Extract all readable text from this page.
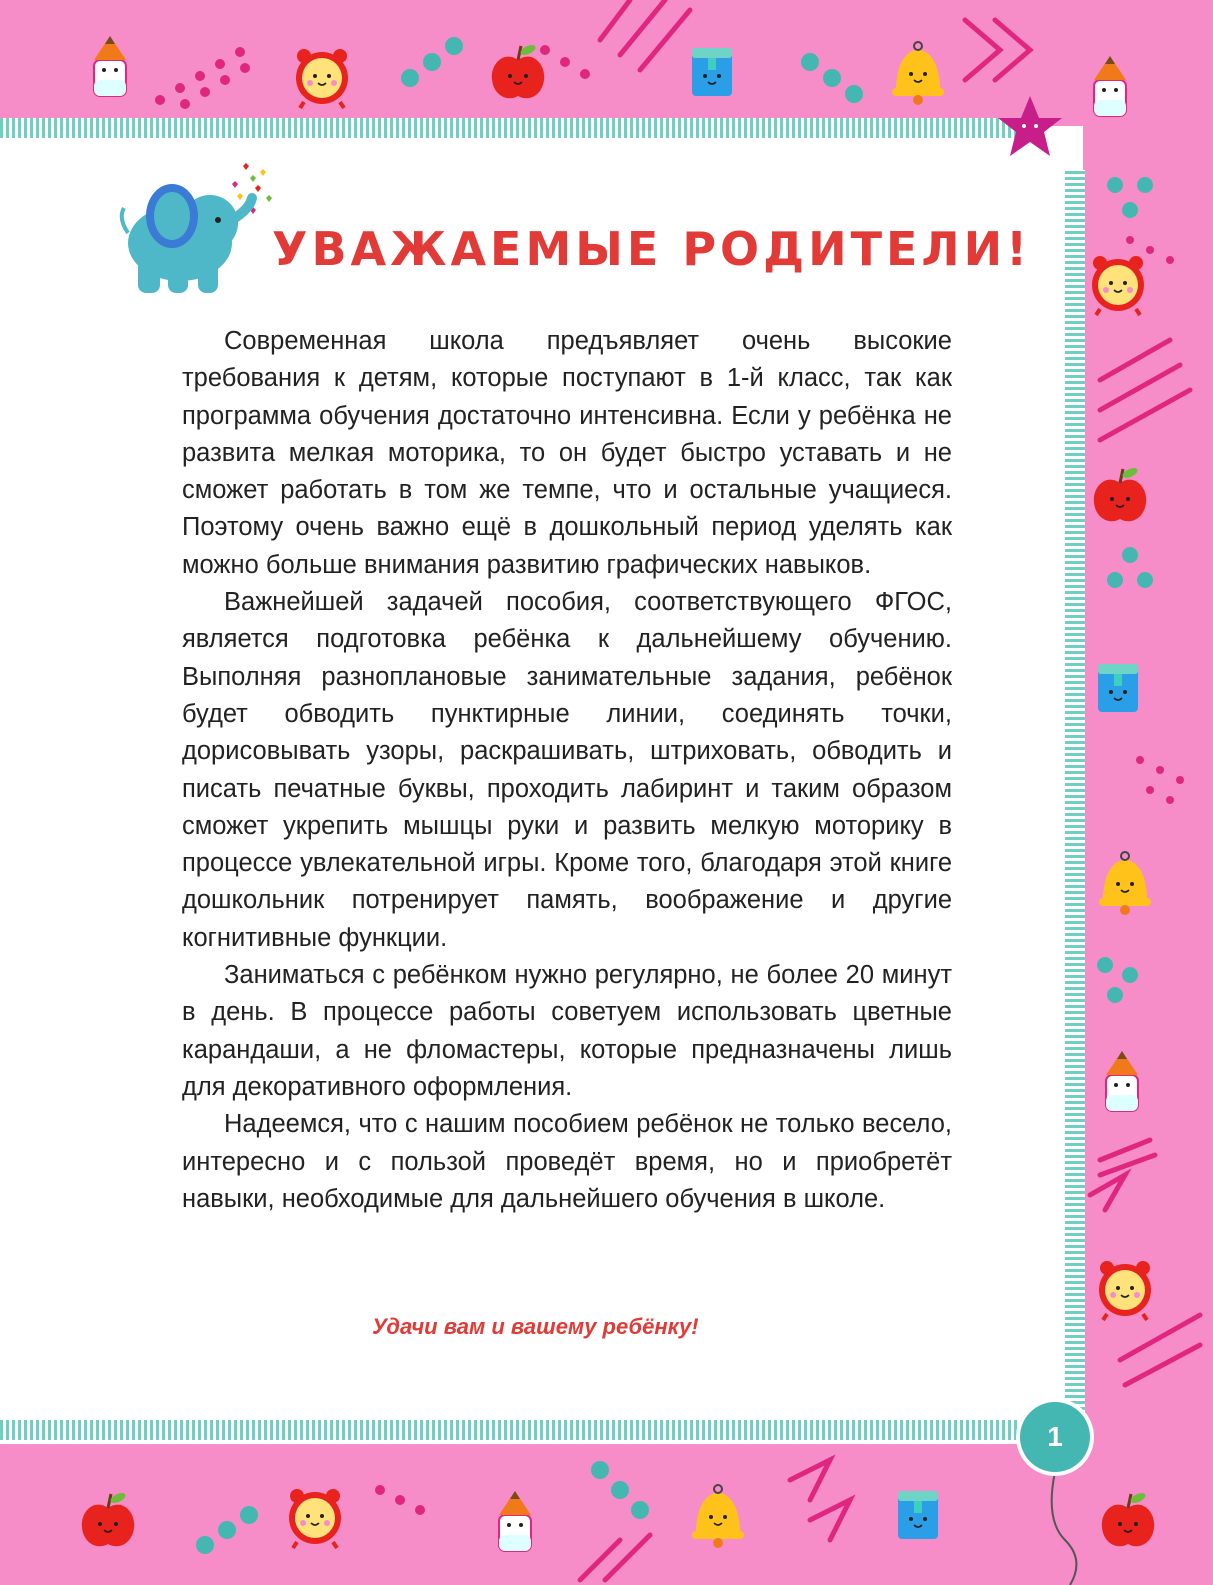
УВАЖАЕМЫЕ РОДИТЕЛИ!

Современная школа предъявляет очень высокие требования к детям, которые поступают в 1-й класс, так как программа обучения достаточно интенсивна. Если у ребёнка не развита мелкая моторика, то он будет быстро уставать и не сможет работать в том же темпе, что и остальные учащиеся. Поэтому очень важно ещё в дошкольный период уделять как можно больше внимания развитию графических навыков.

Важнейшей задачей пособия, соответствующего ФГОС, является подготовка ребёнка к дальнейшему обучению. Выполняя разноплановые занимательные задания, ребёнок будет обводить пунктирные линии, соединять точки, дорисовывать узоры, раскрашивать, штриховать, обводить и писать печатные буквы, проходить лабиринт и таким образом сможет укрепить мышцы руки и развить мелкую моторику в процессе увлекательной игры. Кроме того, благодаря этой книге дошкольник потренирует память, воображение и другие когнитивные функции.

Заниматься с ребёнком нужно регулярно, не более 20 минут в день. В процессе работы советуем использовать цветные карандаши, а не фломастеры, которые предназначены лишь для декоративного оформления.

Надеемся, что с нашим пособием ребёнок не только весело, интересно и с пользой проведёт время, но и приобретёт навыки, необходимые для дальнейшего обучения в школе.

Удачи вам и вашему ребёнку!

1
